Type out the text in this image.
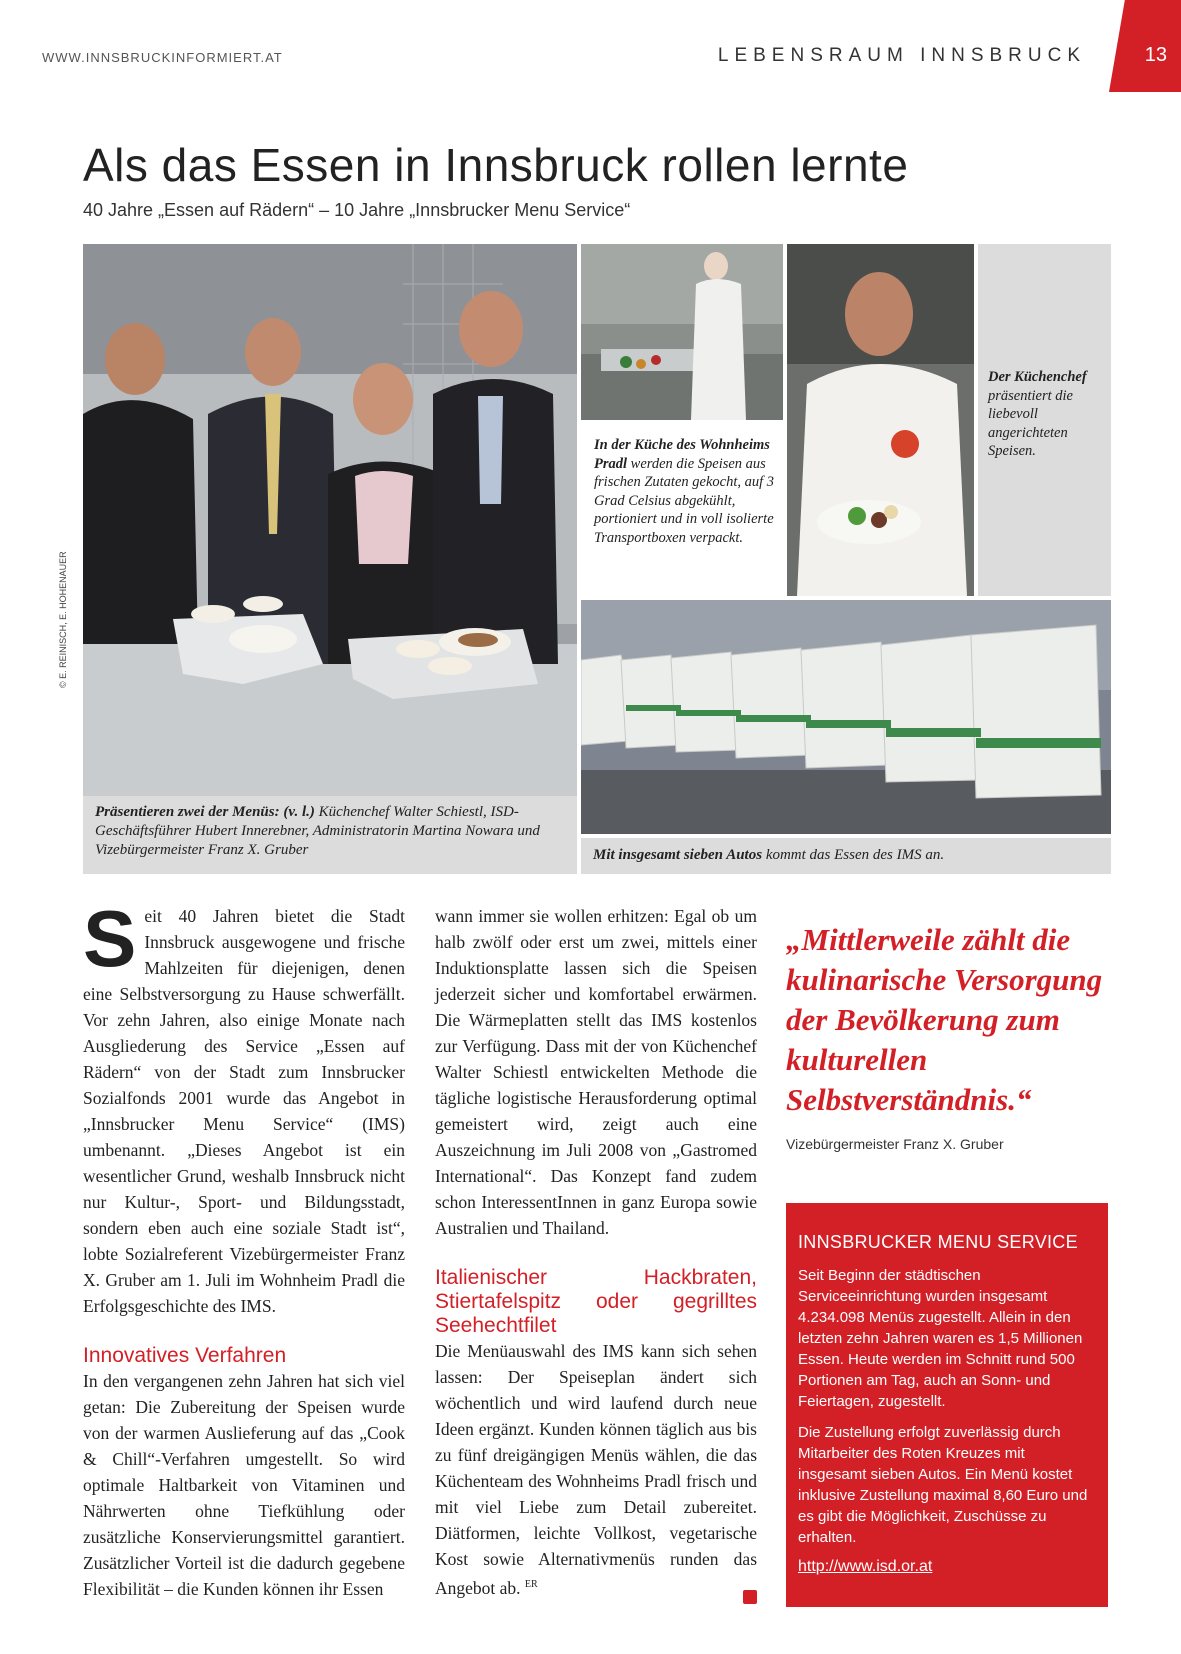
WWW.INNSBRUCKINFORMIERT.AT	LEBENSRAUM INNSBRUCK	13
Als das Essen in Innsbruck rollen lernte
40 Jahre „Essen auf Rädern“ – 10 Jahre „Innsbrucker Menu Service“
© E. REINISCH, E. HOHENAUER
Präsentieren zwei der Menüs: (v. l.) Küchenchef Walter Schiestl, ISD-Geschäftsführer Hubert Innerebner, Administratorin Martina Nowara und Vizebürgermeister Franz X. Gruber
In der Küche des Wohnheims Pradl werden die Speisen aus frischen Zutaten gekocht, auf 3 Grad Celsius abgekühlt, portioniert und in voll isolierte Transportboxen verpackt.
Der Küchenchef präsentiert die liebevoll angerichteten Speisen.
Mit insgesamt sieben Autos kommt das Essen des IMS an.

Seit 40 Jahren bietet die Stadt Innsbruck ausgewogene und frische Mahlzeiten für diejenigen, denen eine Selbstversorgung zu Hause schwerfällt. Vor zehn Jahren, also einige Monate nach Ausgliederung des Service „Essen auf Rädern“ von der Stadt zum Innsbrucker Sozialfonds 2001 wurde das Angebot in „Innsbrucker Menu Service“ (IMS) umbenannt. „Dieses Angebot ist ein wesentlicher Grund, weshalb Innsbruck nicht nur Kultur-, Sport- und Bildungsstadt, sondern eben auch eine soziale Stadt ist“, lobte Sozialreferent Vizebürgermeister Franz X. Gruber am 1. Juli im Wohnheim Pradl die Erfolgsgeschichte des IMS.

Innovatives Verfahren

In den vergangenen zehn Jahren hat sich viel getan: Die Zubereitung der Speisen wurde von der warmen Auslieferung auf das „Cook & Chill“-Verfahren umgestellt. So wird optimale Haltbarkeit von Vitaminen und Nährwerten ohne Tiefkühlung oder zusätzliche Konservierungsmittel garantiert. Zusätzlicher Vorteil ist die dadurch gegebene Flexibilität – die Kunden können ihr Essen

wann immer sie wollen erhitzen: Egal ob um halb zwölf oder erst um zwei, mittels einer Induktionsplatte lassen sich die Speisen jederzeit sicher und komfortabel erwärmen. Die Wärmeplatten stellt das IMS kostenlos zur Verfügung. Dass mit der von Küchenchef Walter Schiestl entwickelten Methode die tägliche logistische Herausforderung optimal gemeistert wird, zeigt auch eine Auszeichnung im Juli 2008 von „Gastromed International“. Das Konzept fand zudem schon InteressentInnen in ganz Europa sowie Australien und Thailand.

Italienischer Hackbraten, Stiertafelspitz oder gegrilltes Seehechtfilet

Die Menüauswahl des IMS kann sich sehen lassen: Der Speiseplan ändert sich wöchentlich und wird laufend durch neue Ideen ergänzt. Kunden können täglich aus bis zu fünf dreigängigen Menüs wählen, die das Küchenteam des Wohnheims Pradl frisch und mit viel Liebe zum Detail zubereitet. Diätformen, leichte Vollkost, vegetarische Kost sowie Alternativmenüs runden das Angebot ab. $^{ER}$

„Mittlerweile zählt die kulinarische Versorgung der Bevölkerung zum kulturellen Selbstverständnis.“
Vizebürgermeister Franz X. Gruber
INNSBRUCKER MENU SERVICE

Seit Beginn der städtischen Serviceeinrichtung wurden insgesamt 4.234.098 Menüs zugestellt. Allein in den letzten zehn Jahren waren es 1,5 Millionen Essen. Heute werden im Schnitt rund 500 Portionen am Tag, auch an Sonn- und Feiertagen, zugestellt.

Die Zustellung erfolgt zuverlässig durch Mitarbeiter des Roten Kreuzes mit insgesamt sieben Autos. Ein Menü kostet inklusive Zustellung maximal 8,60 Euro und es gibt die Möglichkeit, Zuschüsse zu erhalten.

http://www.isd.or.at
